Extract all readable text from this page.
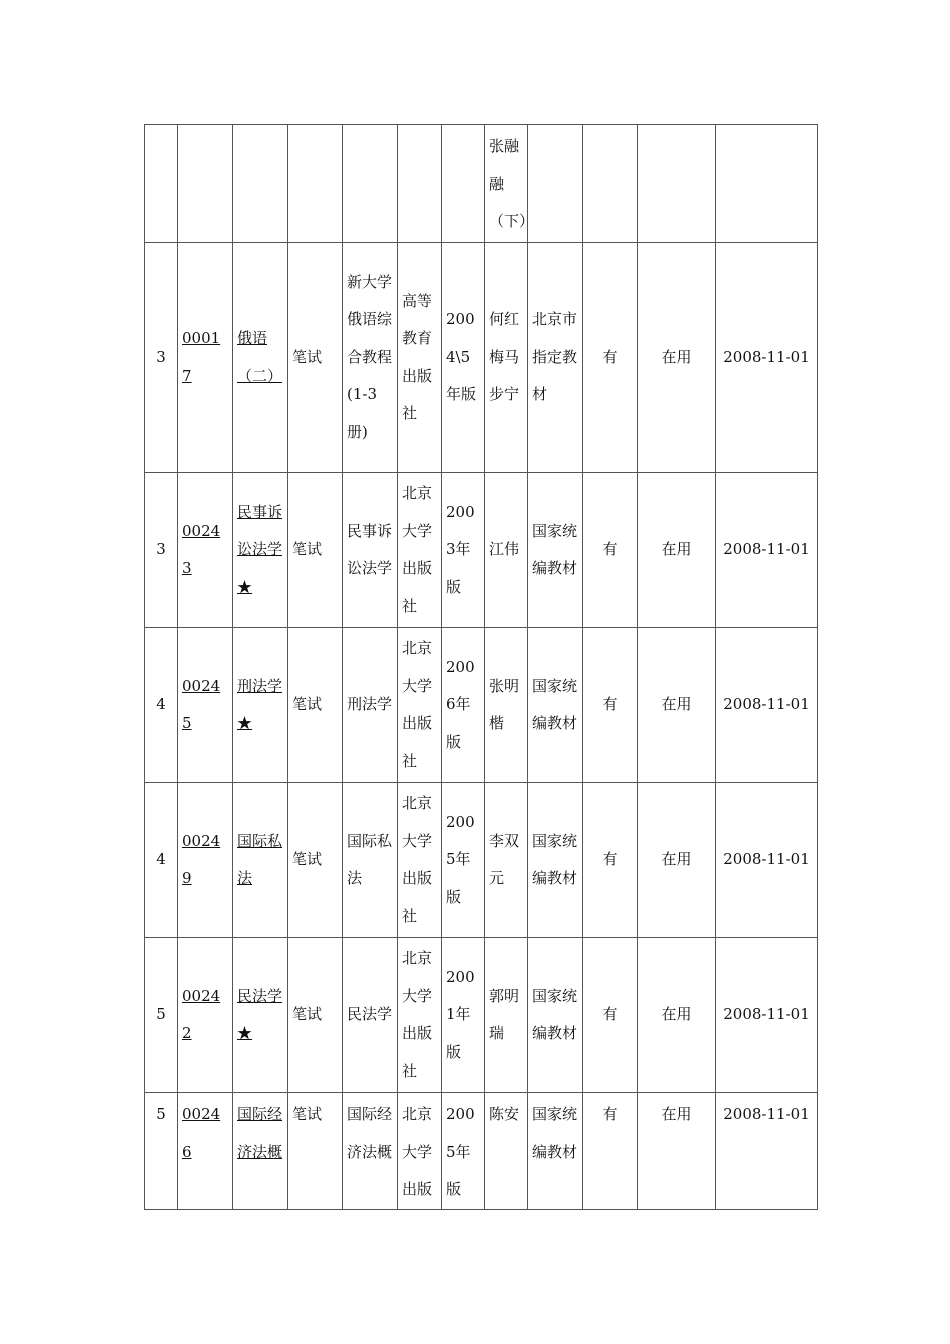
							张融融（下）				
3	00017	俄语（二）	笔试	新大学俄语综合教程(1-3册)	高等教育出版社	2004\5年版	何红梅马步宁	北京市指定教材	有	在用	2008-11-01
3	00243	民事诉讼法学★	笔试	民事诉讼法学	北京大学出版社	2003年版	江伟	国家统编教材	有	在用	2008-11-01
4	00245	刑法学★	笔试	刑法学	北京大学出版社	2006年版	张明楷	国家统编教材	有	在用	2008-11-01
4	00249	国际私法	笔试	国际私法	北京大学出版社	2005年版	李双元	国家统编教材	有	在用	2008-11-01
5	00242	民法学★	笔试	民法学	北京大学出版社	2001年版	郭明瑞	国家统编教材	有	在用	2008-11-01
5	00246	国际经济法概	笔试	国际经济法概	北京大学出版	2005年版	陈安	国家统编教材	有	在用	2008-11-01
